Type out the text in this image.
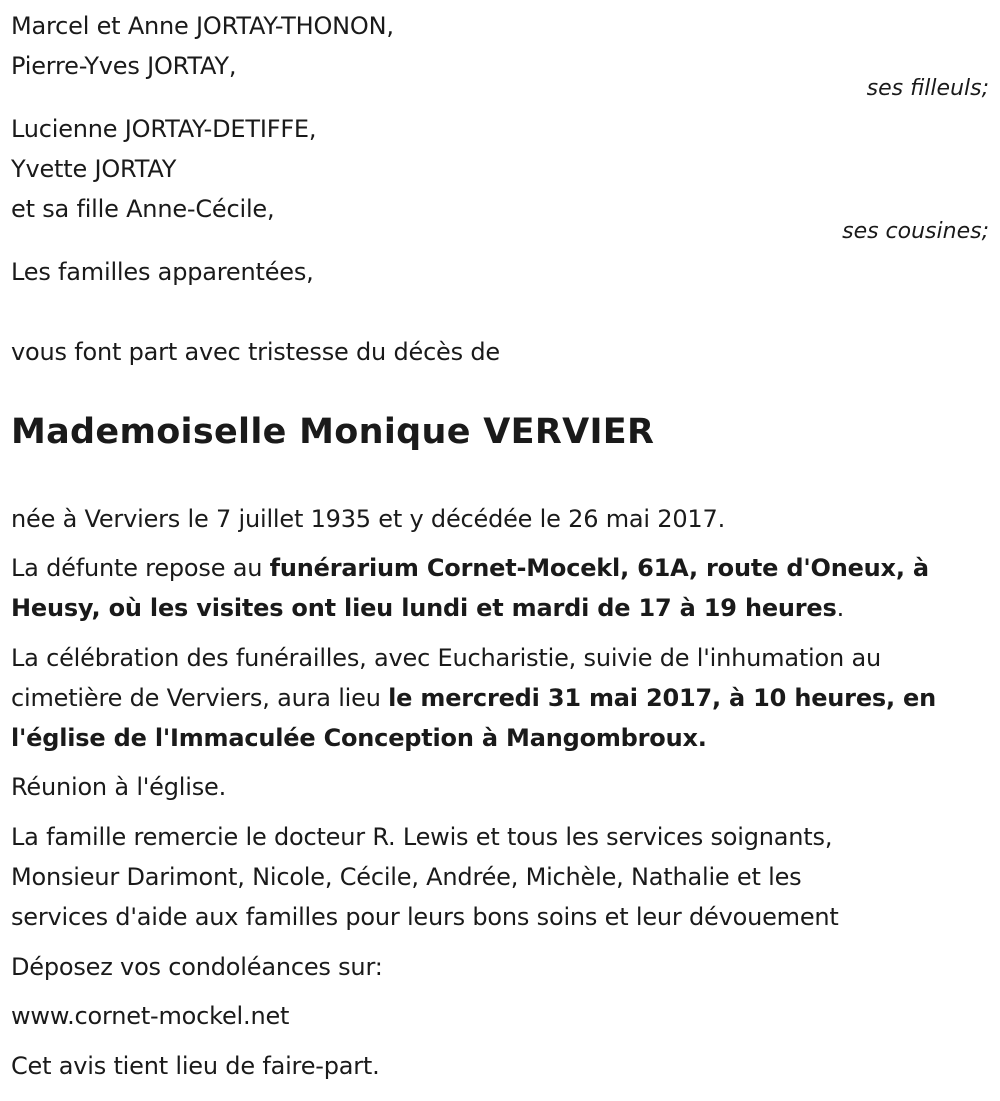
Marcel et Anne JORTAY-THONON,
Pierre-Yves JORTAY,
ses filleuls;
Lucienne JORTAY-DETIFFE,
Yvette JORTAY
et sa fille Anne-Cécile,
ses cousines;
Les familles apparentées,
vous font part avec tristesse du décès de
Mademoiselle Monique VERVIER
née à Verviers le 7 juillet 1935 et y décédée le 26 mai 2017.
La défunte repose au funérarium Cornet-Mocekl, 61A, route d'Oneux, à
Heusy, où les visites ont lieu lundi et mardi de 17 à 19 heures.
La célébration des funérailles, avec Eucharistie, suivie de l'inhumation au
cimetière de Verviers, aura lieu le mercredi 31 mai 2017, à 10 heures, en
l'église de l'Immaculée Conception à Mangombroux.
Réunion à l'église.
La famille remercie le docteur R. Lewis et tous les services soignants,
Monsieur Darimont, Nicole, Cécile, Andrée, Michèle, Nathalie et les
services d'aide aux familles pour leurs bons soins et leur dévouement
Déposez vos condoléances sur:
www.cornet-mockel.net
Cet avis tient lieu de faire-part.
